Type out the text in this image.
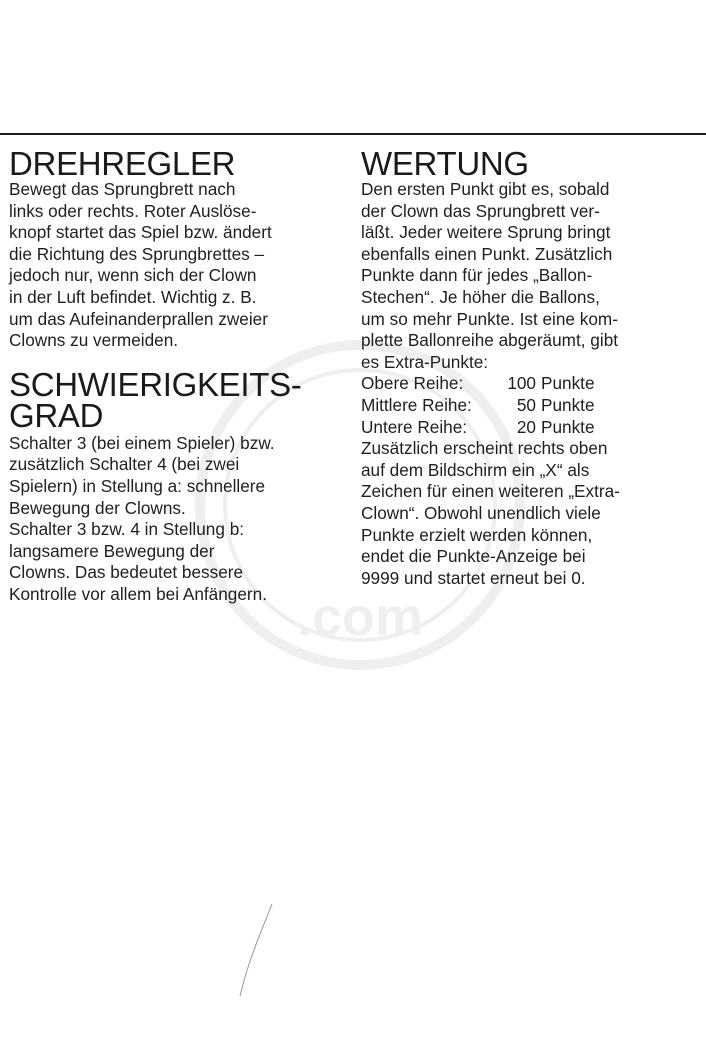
.com
DREHREGLER

Bewegt das Sprungbrett nach

links oder rechts. Roter Auslöse-

knopf startet das Spiel bzw. ändert

die Richtung des Sprungbrettes –

jedoch nur, wenn sich der Clown

in der Luft befindet. Wichtig z. B.

um das Aufeinanderprallen zweier

Clowns zu vermeiden.

SCHWIERIGKEITS-
GRAD

Schalter 3 (bei einem Spieler) bzw.

zusätzlich Schalter 4 (bei zwei

Spielern) in Stellung a: schnellere

Bewegung der Clowns.

Schalter 3 bzw. 4 in Stellung b:

langsamere Bewegung der

Clowns. Das bedeutet bessere

Kontrolle vor allem bei Anfängern.

WERTUNG

Den ersten Punkt gibt es, sobald

der Clown das Sprungbrett ver-

läßt. Jeder weitere Sprung bringt

ebenfalls einen Punkt. Zusätzlich

Punkte dann für jedes „Ballon-

Stechen“. Je höher die Ballons,

um so mehr Punkte. Ist eine kom-

plette Ballonreihe abgeräumt, gibt

es Extra-Punkte:

Obere Reihe:	100 Punkte
Mittlere Reihe:	50 Punkte
Untere Reihe:	20 Punkte

Zusätzlich erscheint rechts oben

auf dem Bildschirm ein „X“ als

Zeichen für einen weiteren „Extra-

Clown“. Obwohl unendlich viele

Punkte erzielt werden können,

endet die Punkte-Anzeige bei

9999 und startet erneut bei 0.
